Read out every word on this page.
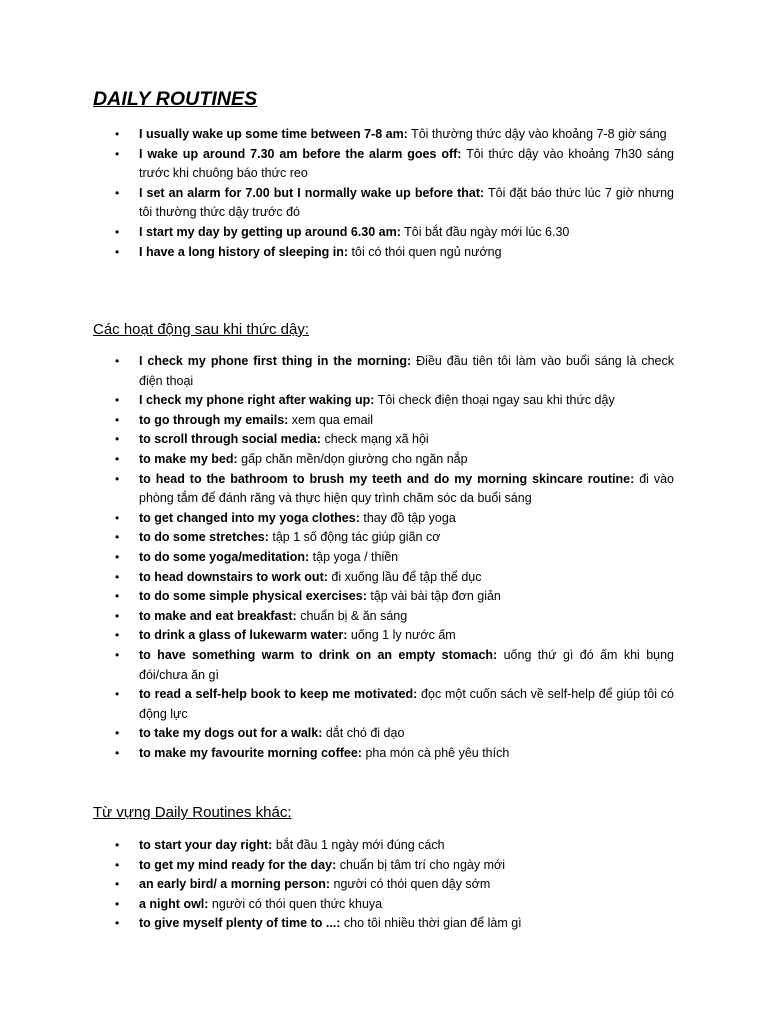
DAILY ROUTINES
• I usually wake up some time between 7-8 am: Tôi thường thức dậy vào khoảng 7-8 giờ sáng
• I wake up around 7.30 am before the alarm goes off: Tôi thức dậy vào khoảng 7h30 sáng trước khi chuông báo thức reo
• I set an alarm for 7.00 but I normally wake up before that: Tôi đặt báo thức lúc 7 giờ nhưng tôi thường thức dậy trước đó
• I start my day by getting up around 6.30 am: Tôi bắt đầu ngày mới lúc 6.30
• I have a long history of sleeping in: tôi có thói quen ngủ nướng
Các hoạt động sau khi thức dậy:
• I check my phone first thing in the morning: Điều đầu tiên tôi làm vào buổi sáng là check điện thoại
• I check my phone right after waking up: Tôi check điện thoại ngay sau khi thức dậy
• to go through my emails: xem qua email
• to scroll through social media: check mạng xã hội
• to make my bed: gấp chăn mền/dọn giường cho ngăn nắp
• to head to the bathroom to brush my teeth and do my morning skincare routine: đi vào phòng tắm để đánh răng và thực hiện quy trình chăm sóc da buổi sáng
• to get changed into my yoga clothes: thay đồ tập yoga
• to do some stretches: tập 1 số động tác giúp giãn cơ
• to do some yoga/meditation: tập yoga / thiền
• to head downstairs to work out: đi xuống lầu để tập thể dục
• to do some simple physical exercises: tập vài bài tập đơn giản
• to make and eat breakfast: chuẩn bị & ăn sáng
• to drink a glass of lukewarm water: uống 1 ly nước ấm
• to have something warm to drink on an empty stomach: uống thứ gì đó ấm khi bụng đói/chưa ăn gì
• to read a self-help book to keep me motivated: đọc một cuốn sách về self-help để giúp tôi có động lực
• to take my dogs out for a walk: dắt chó đi dạo
• to make my favourite morning coffee: pha món cà phê yêu thích
Từ vựng Daily Routines khác:
• to start your day right: bắt đầu 1 ngày mới đúng cách
• to get my mind ready for the day: chuẩn bị tâm trí cho ngày mới
• an early bird/ a morning person: người có thói quen dậy sớm
• a night owl: người có thói quen thức khuya
• to give myself plenty of time to ...: cho tôi nhiều thời gian để làm gì
